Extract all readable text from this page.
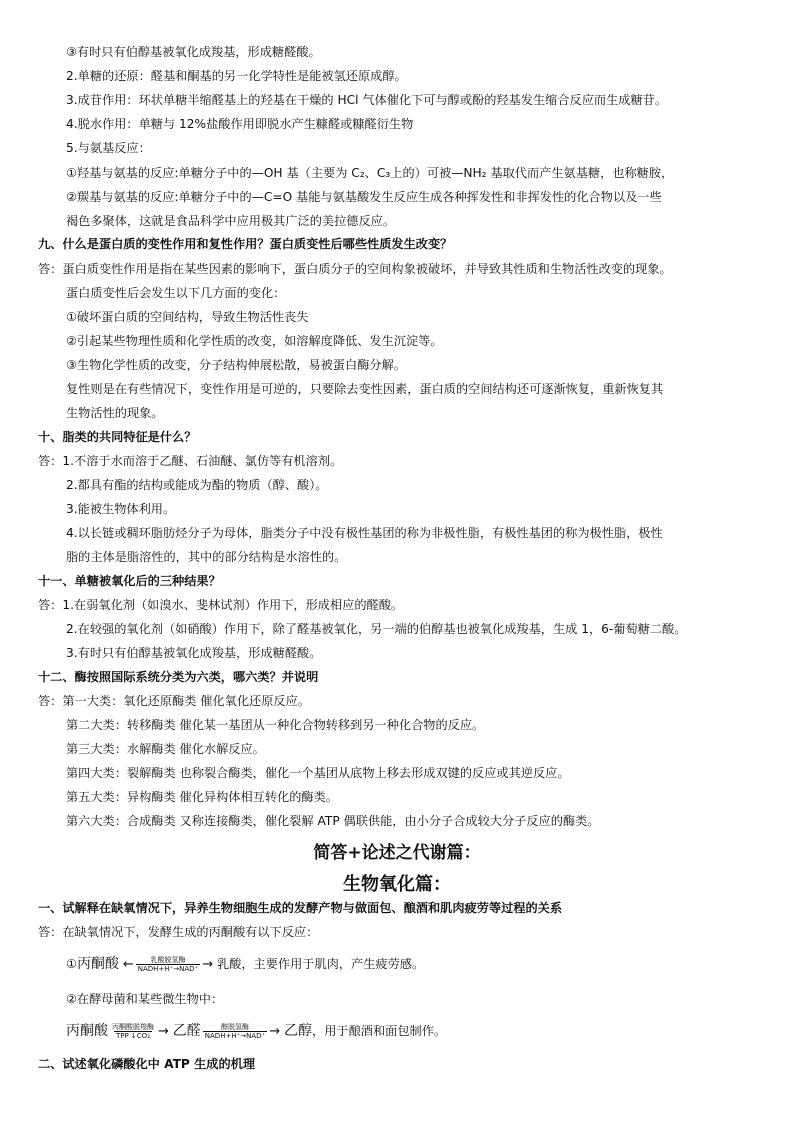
③有时只有伯醇基被氧化成羧基，形成糖醛酸。
2.单糖的还原：醛基和酮基的另一化学特性是能被氢还原成醇。
3.成苷作用：环状单糖半缩醛基上的羟基在干燥的 HCl 气体催化下可与醇或酚的羟基发生缩合反应而生成糖苷。
4.脱水作用：单糖与 12%盐酸作用即脱水产生糠醛或糠醛衍生物
5.与氨基反应：
①羟基与氨基的反应:单糖分子中的—OH 基（主要为 C₂、C₃上的）可被—NH₂ 基取代而产生氨基糖，也称糖胺，
②羰基与氨基的反应:单糖分子中的—C=O 基能与氨基酸发生反应生成各种挥发性和非挥发性的化合物以及一些
褐色多聚体，这就是食品科学中应用极其广泛的美拉德反应。
九、什么是蛋白质的变性作用和复性作用？蛋白质变性后哪些性质发生改变？
答：蛋白质变性作用是指在某些因素的影响下，蛋白质分子的空间构象被破坏，并导致其性质和生物活性改变的现象。
蛋白质变性后会发生以下几方面的变化：
①破坏蛋白质的空间结构，导致生物活性丧失
②引起某些物理性质和化学性质的改变，如溶解度降低、发生沉淀等。
③生物化学性质的改变，分子结构伸展松散，易被蛋白酶分解。
复性则是在有些情况下，变性作用是可逆的，只要除去变性因素，蛋白质的空间结构还可逐渐恢复，重新恢复其
生物活性的现象。
十、脂类的共同特征是什么？
答：1.不溶于水而溶于乙醚、石油醚、氯仿等有机溶剂。
2.都具有酯的结构或能成为酯的物质（醇、酸）。
3.能被生物体利用。
4.以长链或稠环脂肪烃分子为母体，脂类分子中没有极性基团的称为非极性脂，有极性基团的称为极性脂，极性
脂的主体是脂溶性的，其中的部分结构是水溶性的。
十一、单糖被氧化后的三种结果？
答：1.在弱氧化剂（如溴水、斐林试剂）作用下，形成相应的醛酸。
2.在较强的氧化剂（如硝酸）作用下，除了醛基被氧化，另一端的伯醇基也被氧化成羧基，生成 1，6-葡萄糖二酸。
3.有时只有伯醇基被氧化成羧基，形成糖醛酸。
十二、酶按照国际系统分类为六类，哪六类？并说明
答：第一大类：氧化还原酶类 催化氧化还原反应。
第二大类：转移酶类 催化某一基团从一种化合物转移到另一种化合物的反应。
第三大类：水解酶类 催化水解反应。
第四大类：裂解酶类 也称裂合酶类，催化一个基团从底物上移去形成双键的反应或其逆反应。
第五大类：异构酶类 催化异构体相互转化的酶类。
第六大类：合成酶类 又称连接酶类，催化裂解 ATP 偶联供能，由小分子合成较大分子反应的酶类。
简答+论述之代谢篇：
生物氧化篇：
一、试解释在缺氧情况下，异养生物细胞生成的发酵产物与做面包、酿酒和肌肉疲劳等过程的关系
答：在缺氧情况下，发酵生成的丙酮酸有以下反应：
①丙酮酸 ← $\frac{\text{乳酸脱氢酶}}{\text{NADH+H⁺→NAD⁺}}$ → 乳酸，主要作用于肌肉，产生疲劳感。
②在酵母菌和某些微生物中：
丙酮酸 $\frac{\text{丙酮酸脱羧酶}}{\text{TPP ↓CO₂}}$ → 乙醛 $\frac{\text{醇脱氢酶}}{\text{NADH+H⁺→NAD⁺}}$ → 乙醇，用于酿酒和面包制作。
二、试述氧化磷酸化中 ATP 生成的机理
